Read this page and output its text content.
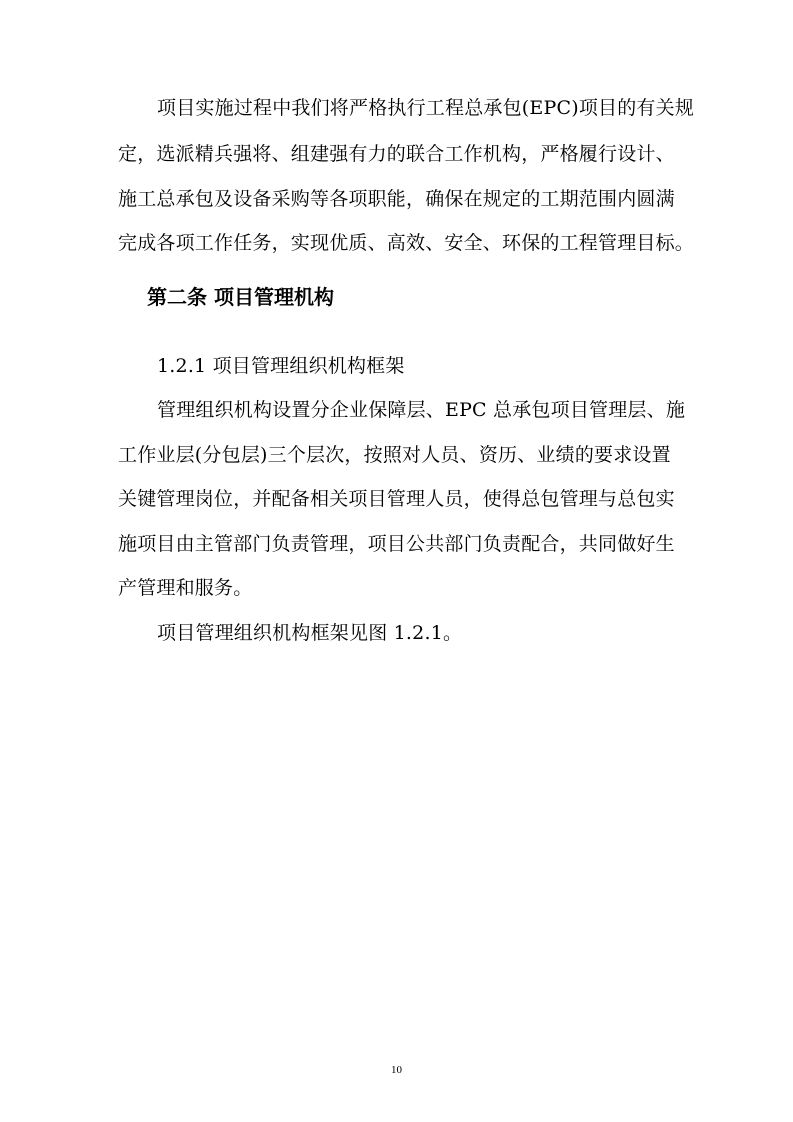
项目实施过程中我们将严格执行工程总承包(EPC)项目的有关规
定，选派精兵强将、组建强有力的联合工作机构，严格履行设计、
施工总承包及设备采购等各项职能，确保在规定的工期范围内圆满
完成各项工作任务，实现优质、高效、安全、环保的工程管理目标。
第二条 项目管理机构
1.2.1 项目管理组织机构框架
管理组织机构设置分企业保障层、EPC 总承包项目管理层、施
工作业层(分包层)三个层次，按照对人员、资历、业绩的要求设置
关键管理岗位，并配备相关项目管理人员，使得总包管理与总包实
施项目由主管部门负责管理，项目公共部门负责配合，共同做好生
产管理和服务。
项目管理组织机构框架见图 1.2.1。
10
